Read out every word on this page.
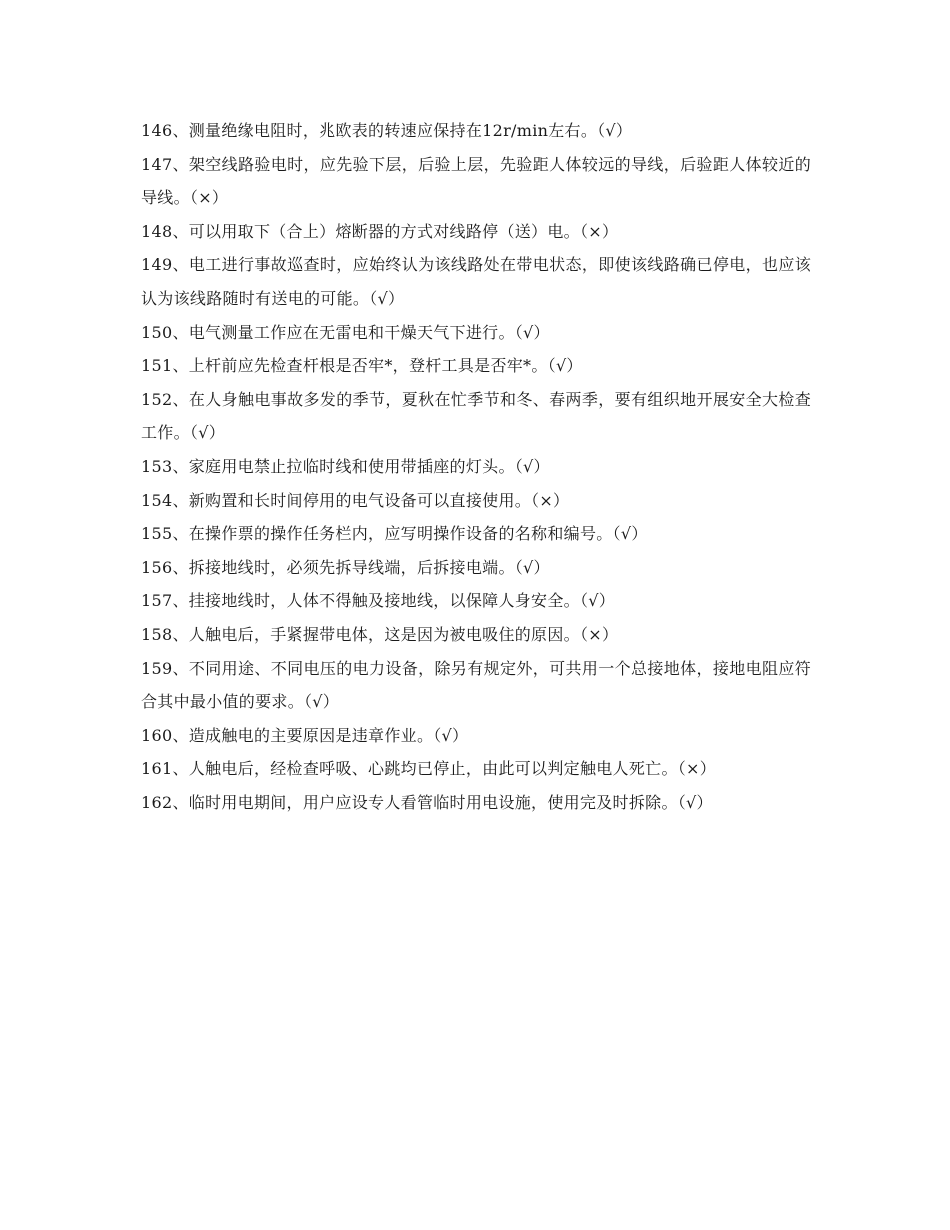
146、测量绝缘电阻时，兆欧表的转速应保持在12r/min左右。（√）

147、架空线路验电时，应先验下层，后验上层，先验距人体较远的导线，后验距人体较近的导线。（×）

148、可以用取下（合上）熔断器的方式对线路停（送）电。（×）

149、电工进行事故巡查时，应始终认为该线路处在带电状态，即使该线路确已停电，也应该认为该线路随时有送电的可能。（√）

150、电气测量工作应在无雷电和干燥天气下进行。（√）

151、上杆前应先检查杆根是否牢*，登杆工具是否牢*。（√）

152、在人身触电事故多发的季节，夏秋在忙季节和冬、春两季，要有组织地开展安全大检查工作。（√）

153、家庭用电禁止拉临时线和使用带插座的灯头。（√）

154、新购置和长时间停用的电气设备可以直接使用。（×）

155、在操作票的操作任务栏内，应写明操作设备的名称和编号。（√）

156、拆接地线时，必须先拆导线端，后拆接电端。（√）

157、挂接地线时，人体不得触及接地线，以保障人身安全。（√）

158、人触电后，手紧握带电体，这是因为被电吸住的原因。（×）

159、不同用途、不同电压的电力设备，除另有规定外，可共用一个总接地体，接地电阻应符合其中最小值的要求。（√）

160、造成触电的主要原因是违章作业。（√）

161、人触电后，经检查呼吸、心跳均已停止，由此可以判定触电人死亡。（×）

162、临时用电期间，用户应设专人看管临时用电设施，使用完及时拆除。（√）
